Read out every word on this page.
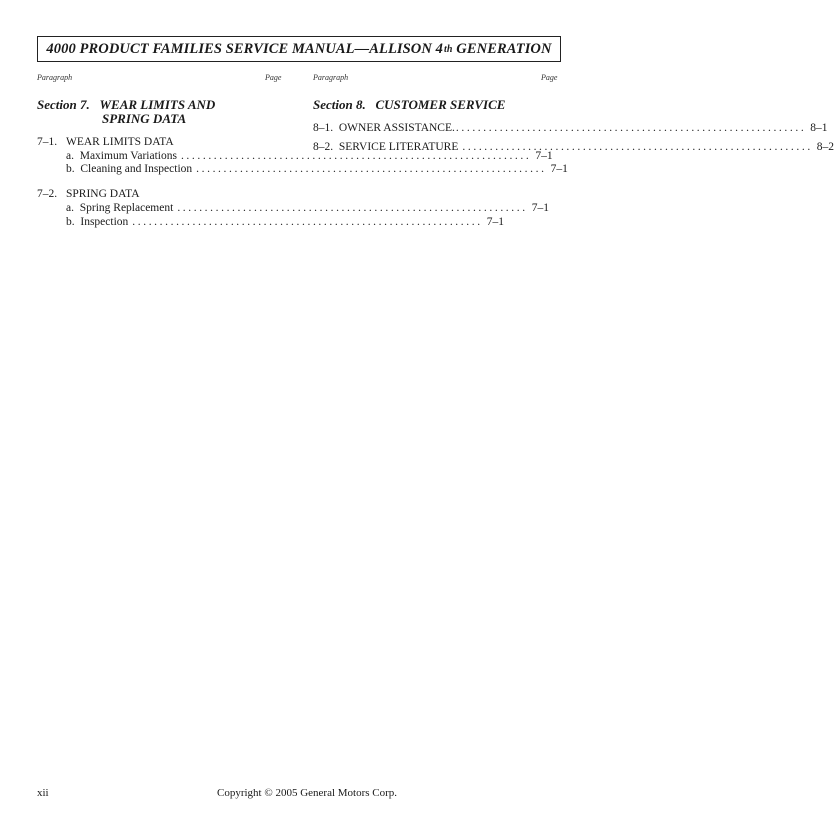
4000 PRODUCT FAMILIES SERVICE MANUAL—ALLISON 4 th GENERATION
Paragraph	Page	Paragraph	Page
Section 7. WEAR LIMITS AND
SPRING DATA
7–1. WEAR LIMITS DATA
a.  Maximum Variations ................................................................ 7–1
b.  Cleaning and Inspection ................................................................ 7–1
7–2. SPRING DATA
a.  Spring Replacement ................................................................ 7–1
b.  Inspection ................................................................ 7–1
Section 8. CUSTOMER SERVICE
8–1.  OWNER ASSISTANCE. ................................................................ 8–1
8–2.  SERVICE LITERATURE ................................................................ 8–2
xii	Copyright © 2005 General Motors Corp.
